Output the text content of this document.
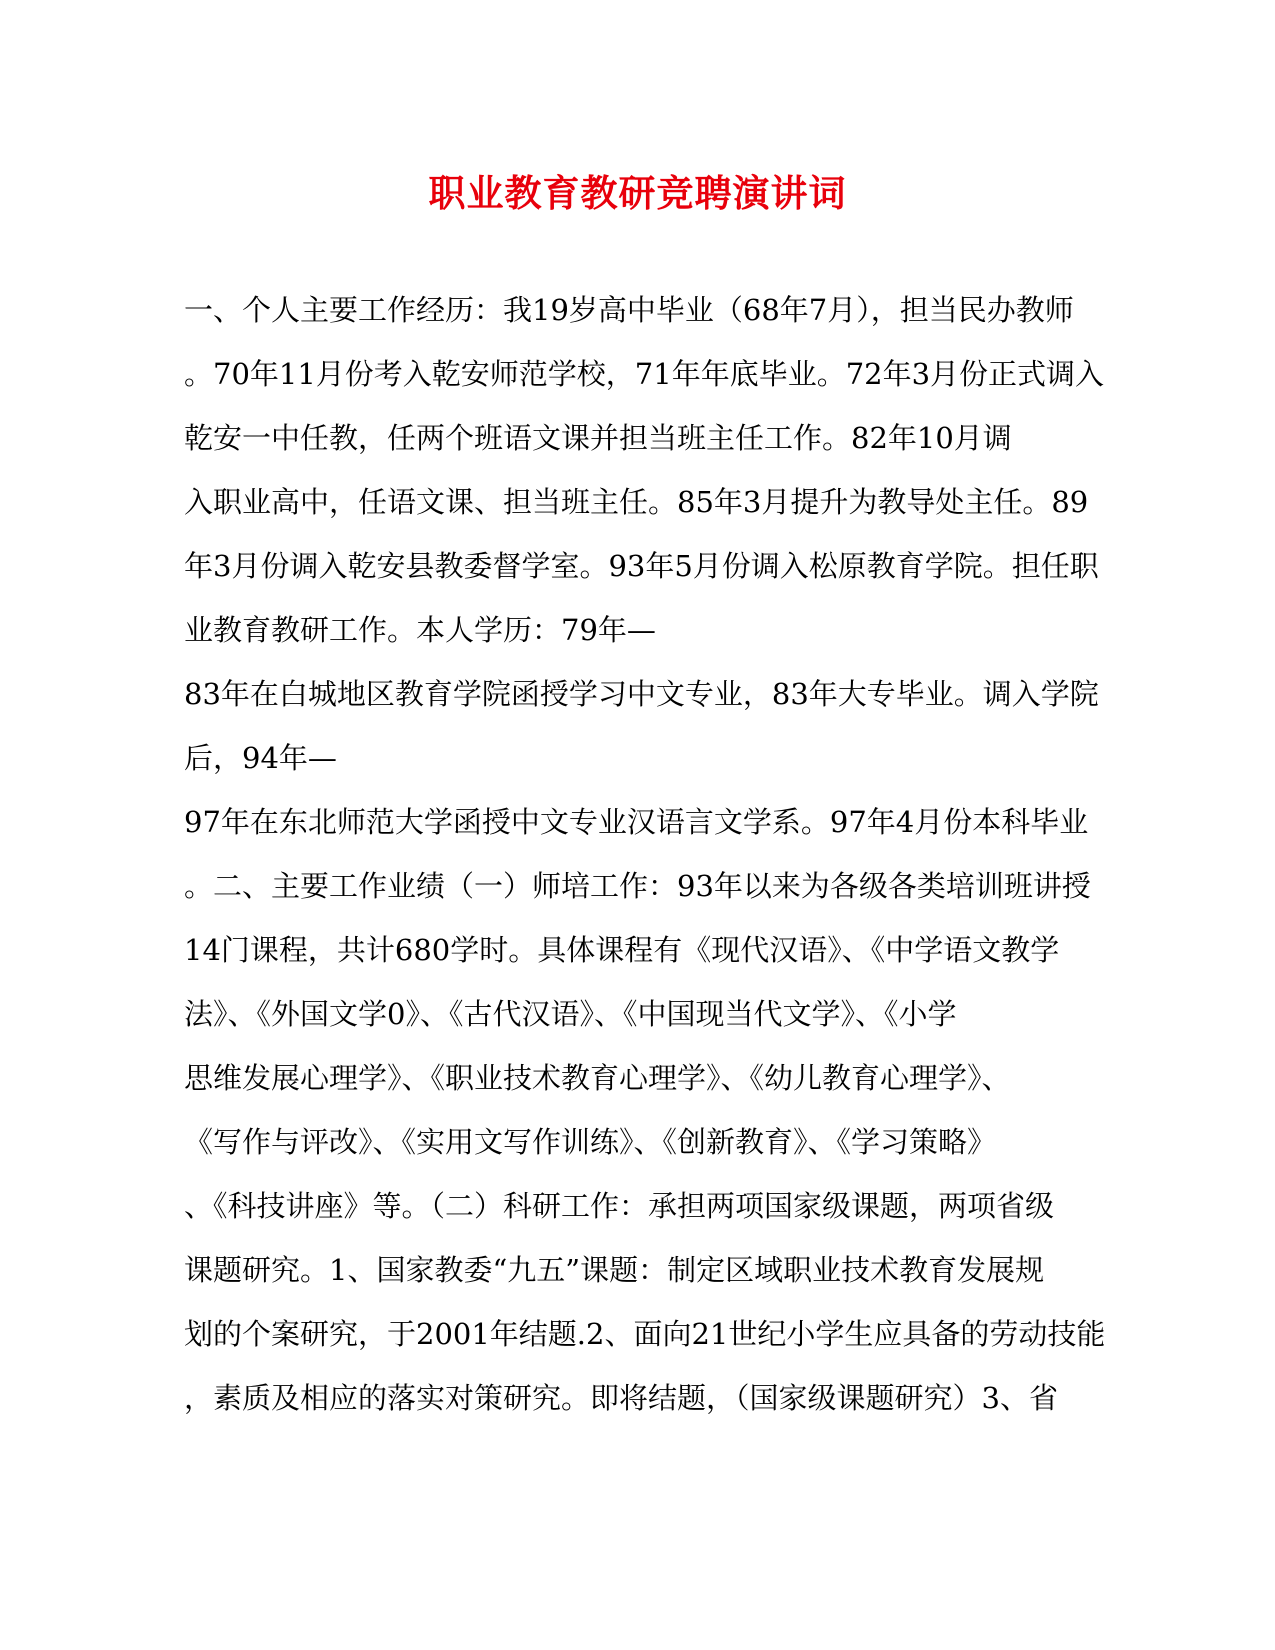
职业教育教研竞聘演讲词
一、个人主要工作经历：我19岁高中毕业（68年7月），担当民办教师
。70年11月份考入乾安师范学校，71年年底毕业。72年3月份正式调入
乾安一中任教，任两个班语文课并担当班主任工作。82年10月调
入职业高中，任语文课、担当班主任。85年3月提升为教导处主任。89
年3月份调入乾安县教委督学室。93年5月份调入松原教育学院。担任职
业教育教研工作。本人学历：79年—
83年在白城地区教育学院函授学习中文专业，83年大专毕业。调入学院
后，94年—
97年在东北师范大学函授中文专业汉语言文学系。97年4月份本科毕业
。二、主要工作业绩（一）师培工作：93年以来为各级各类培训班讲授
14门课程，共计680学时。具体课程有《现代汉语》、《中学语文教学
法》、《外国文学0》、《古代汉语》、《中国现当代文学》、《小学
思维发展心理学》、《职业技术教育心理学》、《幼儿教育心理学》、
《写作与评改》、《实用文写作训练》、《创新教育》、《学习策略》
、《科技讲座》等。（二）科研工作：承担两项国家级课题，两项省级
课题研究。1、国家教委“九五”课题：制定区域职业技术教育发展规
划的个案研究，于2001年结题.2、面向21世纪小学生应具备的劳动技能
，素质及相应的落实对策研究。即将结题，（国家级课题研究）3、省
